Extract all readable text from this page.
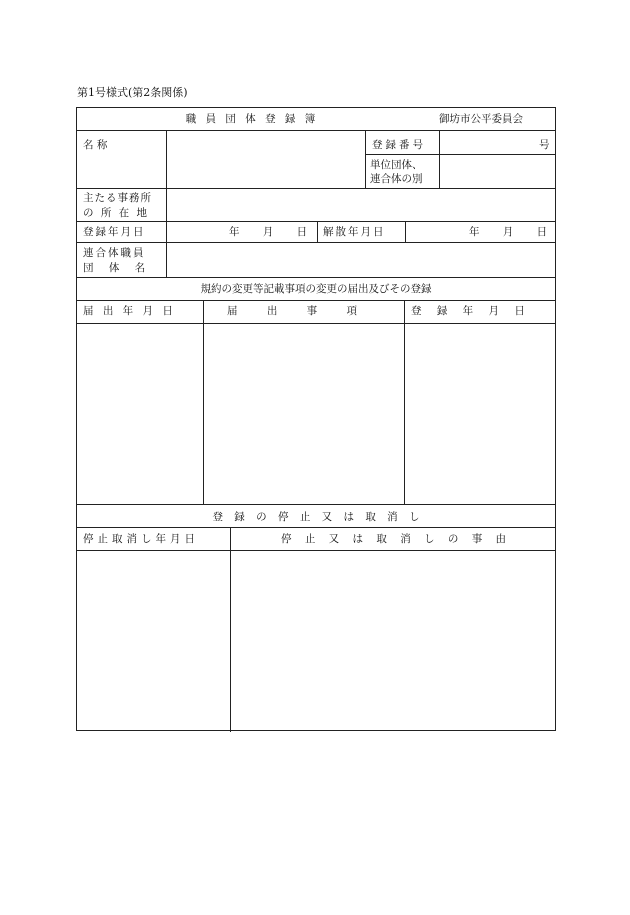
第1号様式(第2条関係)
職 員 団 体 登 録 簿	御坊市公平委員会
名 称	登録番号	号
単位団体、
連合体の別
主たる事務所
の 所 在 地
登録年月日	年 月 日 解散年月日	年 月 日
連合体職員
団 体 名
規約の変更等記載事項の変更の届出及びその登録
届 出 年 月 日	届 出 事 項	登 録 年 月 日
登 録 の 停 止 又 は 取 消 し
停止取消し年月日	停 止 又 は 取 消 し の 事 由
